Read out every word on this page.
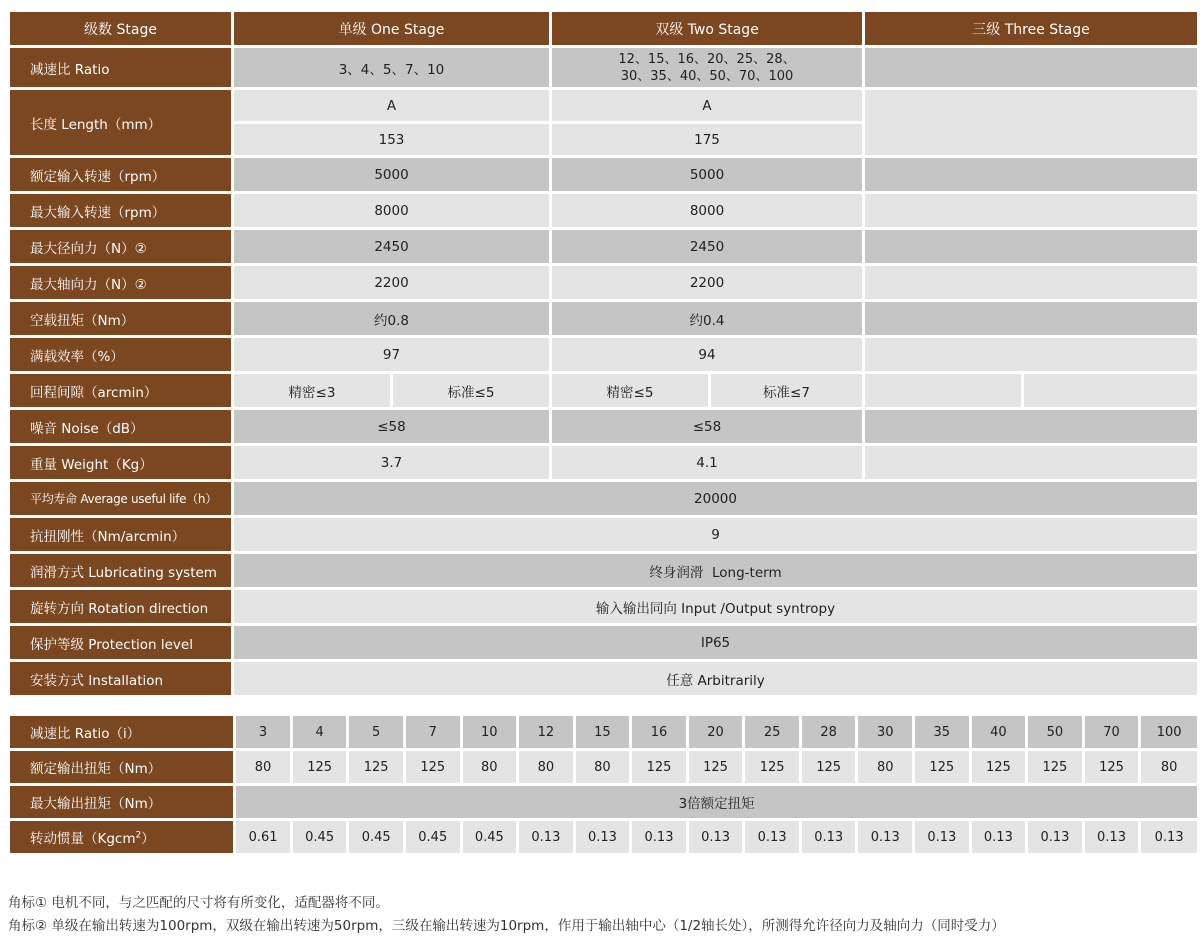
级数 Stage	单级 One Stage		双级 Two Stage		三级 Three Stage	
减速比 Ratio	3、4、5、7、10		12、15、16、20、25、28、
30、35、40、50、70、100			

长度 Length（mm）	A		A			
	153		175			
额定输入转速（rpm）	5000		5000			
最大输入转速（rpm）	8000		8000			
最大径向力（N）②	2450		2450			
最大轴向力（N）②	2200		2200			
空载扭矩（Nm）	约0.8		约0.4			
满载效率（%）	97		94			
回程间隙（arcmin）	精密≤3	标准≤5	精密≤5	标准≤7		
噪音 Noise（dB）	≤58		≤58			
重量 Weight（Kg）	3.7		4.1			
平均寿命 Average useful life（h）	20000					
抗扭刚性（Nm/arcmin）	9					
润滑方式 Lubricating system	终身润滑  Long-term					
旋转方向 Rotation direction	输入输出同向 Input /Output syntropy					
保护等级 Protection level	IP65					
安装方式 Installation	任意 Arbitrarily					
减速比 Ratio（i）	3	4	5	7	10	12	15	16	20	25	28	30	35	40	50	70	100
额定输出扭矩（Nm）	80	125	125	125	80	80	80	125	125	125	125	80	125	125	125	125	80
最大输出扭矩（Nm）	3倍额定扭矩																
转动惯量（Kgcm$^2$）	0.61	0.45	0.45	0.45	0.45	0.13	0.13	0.13	0.13	0.13	0.13	0.13	0.13	0.13	0.13	0.13	0.13
角标① 电机不同，与之匹配的尺寸将有所变化，适配器将不同。
角标② 单级在输出转速为100rpm，双级在输出转速为50rpm，三级在输出转速为10rpm，作用于输出轴中心（1/2轴长处），所测得允许径向力及轴向力（同时受力）
